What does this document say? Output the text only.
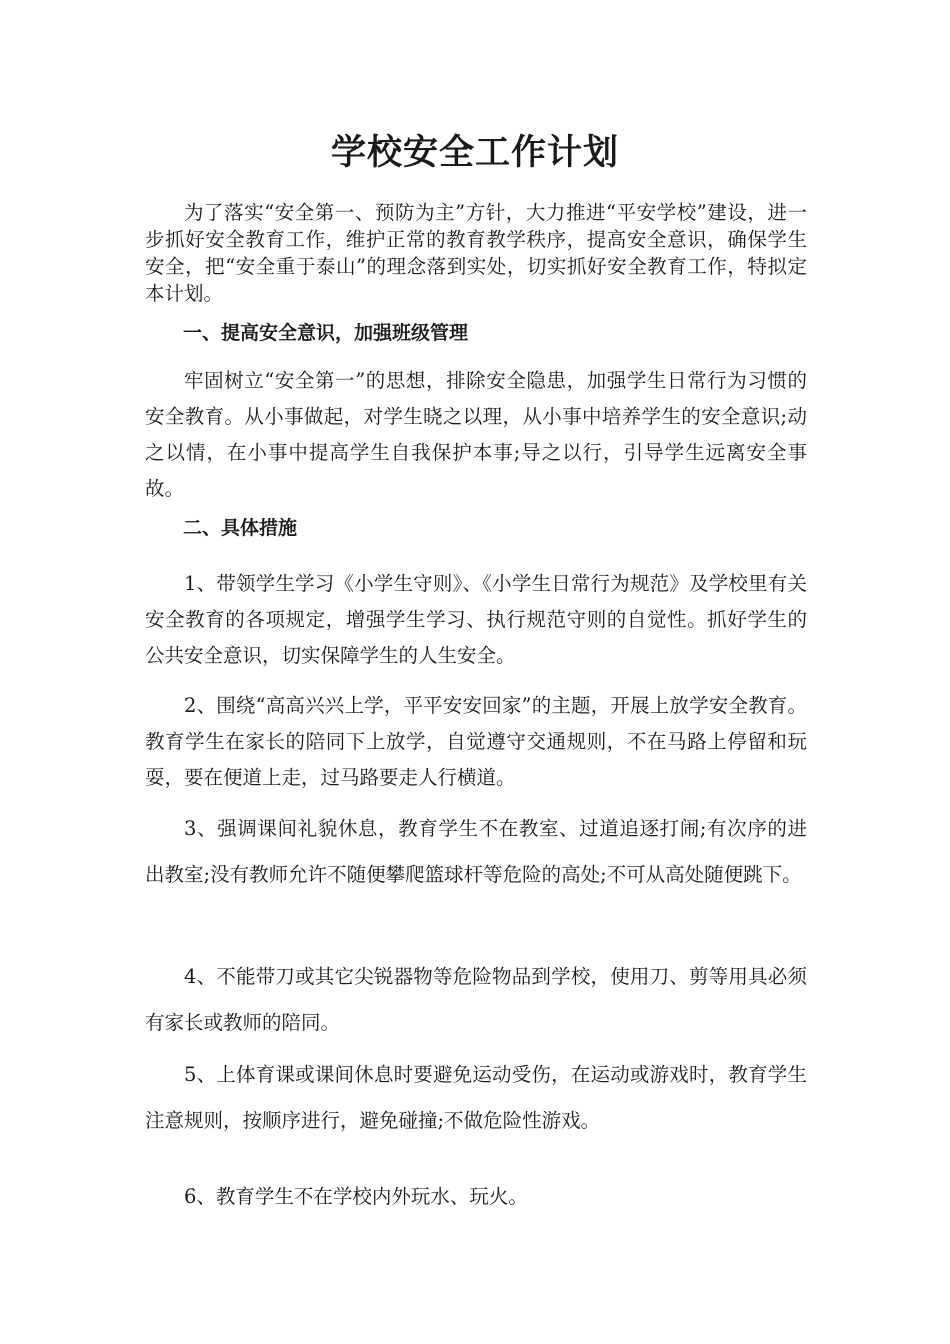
学校安全工作计划

为了落实“安全第一、预防为主”方针，大力推进“平安学校”建设，进一步抓好安全教育工作，维护正常的教育教学秩序，提高安全意识，确保学生安全，把“安全重于泰山”的理念落到实处，切实抓好安全教育工作，特拟定本计划。

一、提高安全意识，加强班级管理

牢固树立“安全第一”的思想，排除安全隐患，加强学生日常行为习惯的安全教育。从小事做起，对学生晓之以理，从小事中培养学生的安全意识;动之以情，在小事中提高学生自我保护本事;导之以行，引导学生远离安全事故。

二、具体措施

1、带领学生学习《小学生守则》、《小学生日常行为规范》及学校里有关安全教育的各项规定，增强学生学习、执行规范守则的自觉性。抓好学生的公共安全意识，切实保障学生的人生安全。

2、围绕“高高兴兴上学，平平安安回家”的主题，开展上放学安全教育。教育学生在家长的陪同下上放学，自觉遵守交通规则，不在马路上停留和玩耍，要在便道上走，过马路要走人行横道。

3、强调课间礼貌休息，教育学生不在教室、过道追逐打闹;有次序的进出教室;没有教师允许不随便攀爬篮球杆等危险的高处;不可从高处随便跳下。

4、不能带刀或其它尖锐器物等危险物品到学校，使用刀、剪等用具必须有家长或教师的陪同。

5、上体育课或课间休息时要避免运动受伤，在运动或游戏时，教育学生注意规则，按顺序进行，避免碰撞;不做危险性游戏。

6、教育学生不在学校内外玩水、玩火。
